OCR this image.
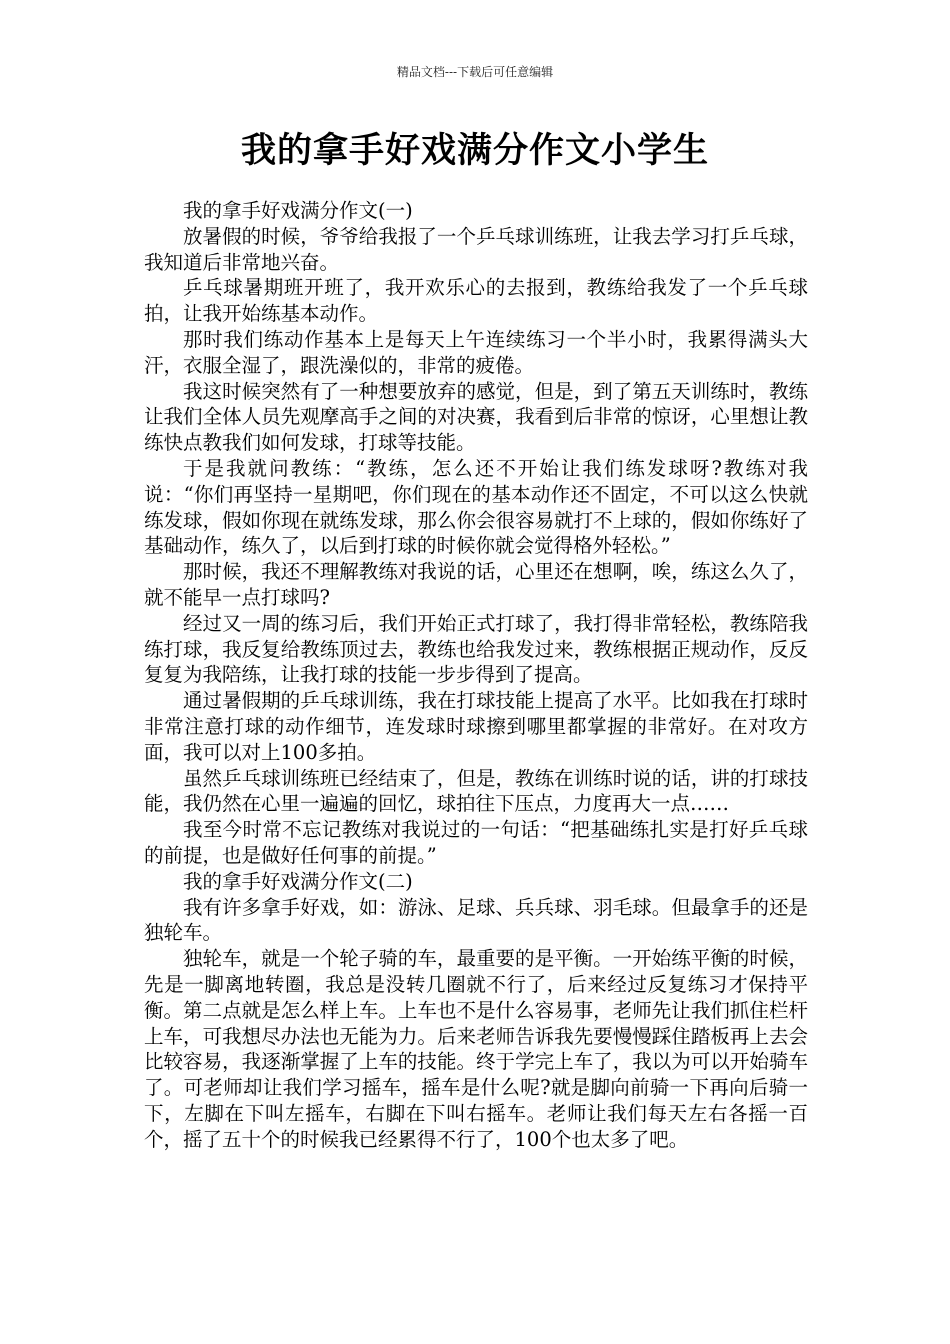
精品文档---下载后可任意编辑
我的拿手好戏满分作文小学生

我的拿手好戏满分作文(一)

放暑假的时候，爷爷给我报了一个乒乓球训练班，让我去学习打乒乓球，我知道后非常地兴奋。

乒乓球暑期班开班了，我开欢乐心的去报到，教练给我发了一个乒乓球拍，让我开始练基本动作。

那时我们练动作基本上是每天上午连续练习一个半小时，我累得满头大汗，衣服全湿了，跟洗澡似的，非常的疲倦。

我这时候突然有了一种想要放弃的感觉，但是，到了第五天训练时，教练让我们全体人员先观摩高手之间的对决赛，我看到后非常的惊讶，心里想让教练快点教我们如何发球，打球等技能。

于是我就问教练：“教练，怎么还不开始让我们练发球呀?教练对我说：“你们再坚持一星期吧，你们现在的基本动作还不固定，不可以这么快就练发球，假如你现在就练发球，那么你会很容易就打不上球的，假如你练好了基础动作，练久了，以后到打球的时候你就会觉得格外轻松。”

那时候，我还不理解教练对我说的话，心里还在想啊，唉，练这么久了，就不能早一点打球吗?

经过又一周的练习后，我们开始正式打球了，我打得非常轻松，教练陪我练打球，我反复给教练顶过去，教练也给我发过来，教练根据正规动作，反反复复为我陪练，让我打球的技能一步步得到了提高。

通过暑假期的乒乓球训练，我在打球技能上提高了水平。比如我在打球时非常注意打球的动作细节，连发球时球擦到哪里都掌握的非常好。在对攻方面，我可以对上100多拍。

虽然乒乓球训练班已经结束了，但是，教练在训练时说的话，讲的打球技能，我仍然在心里一遍遍的回忆，球拍往下压点，力度再大一点……

我至今时常不忘记教练对我说过的一句话：“把基础练扎实是打好乒乓球的前提，也是做好任何事的前提。”

我的拿手好戏满分作文(二)

我有许多拿手好戏，如：游泳、足球、兵兵球、羽毛球。但最拿手的还是独轮车。

独轮车，就是一个轮子骑的车，最重要的是平衡。一开始练平衡的时候，先是一脚离地转圈，我总是没转几圈就不行了，后来经过反复练习才保持平衡。第二点就是怎么样上车。上车也不是什么容易事，老师先让我们抓住栏杆上车，可我想尽办法也无能为力。后来老师告诉我先要慢慢踩住踏板再上去会比较容易，我逐渐掌握了上车的技能。终于学完上车了，我以为可以开始骑车了。可老师却让我们学习摇车，摇车是什么呢?就是脚向前骑一下再向后骑一下，左脚在下叫左摇车，右脚在下叫右摇车。老师让我们每天左右各摇一百个，摇了五十个的时候我已经累得不行了，100个也太多了吧。
